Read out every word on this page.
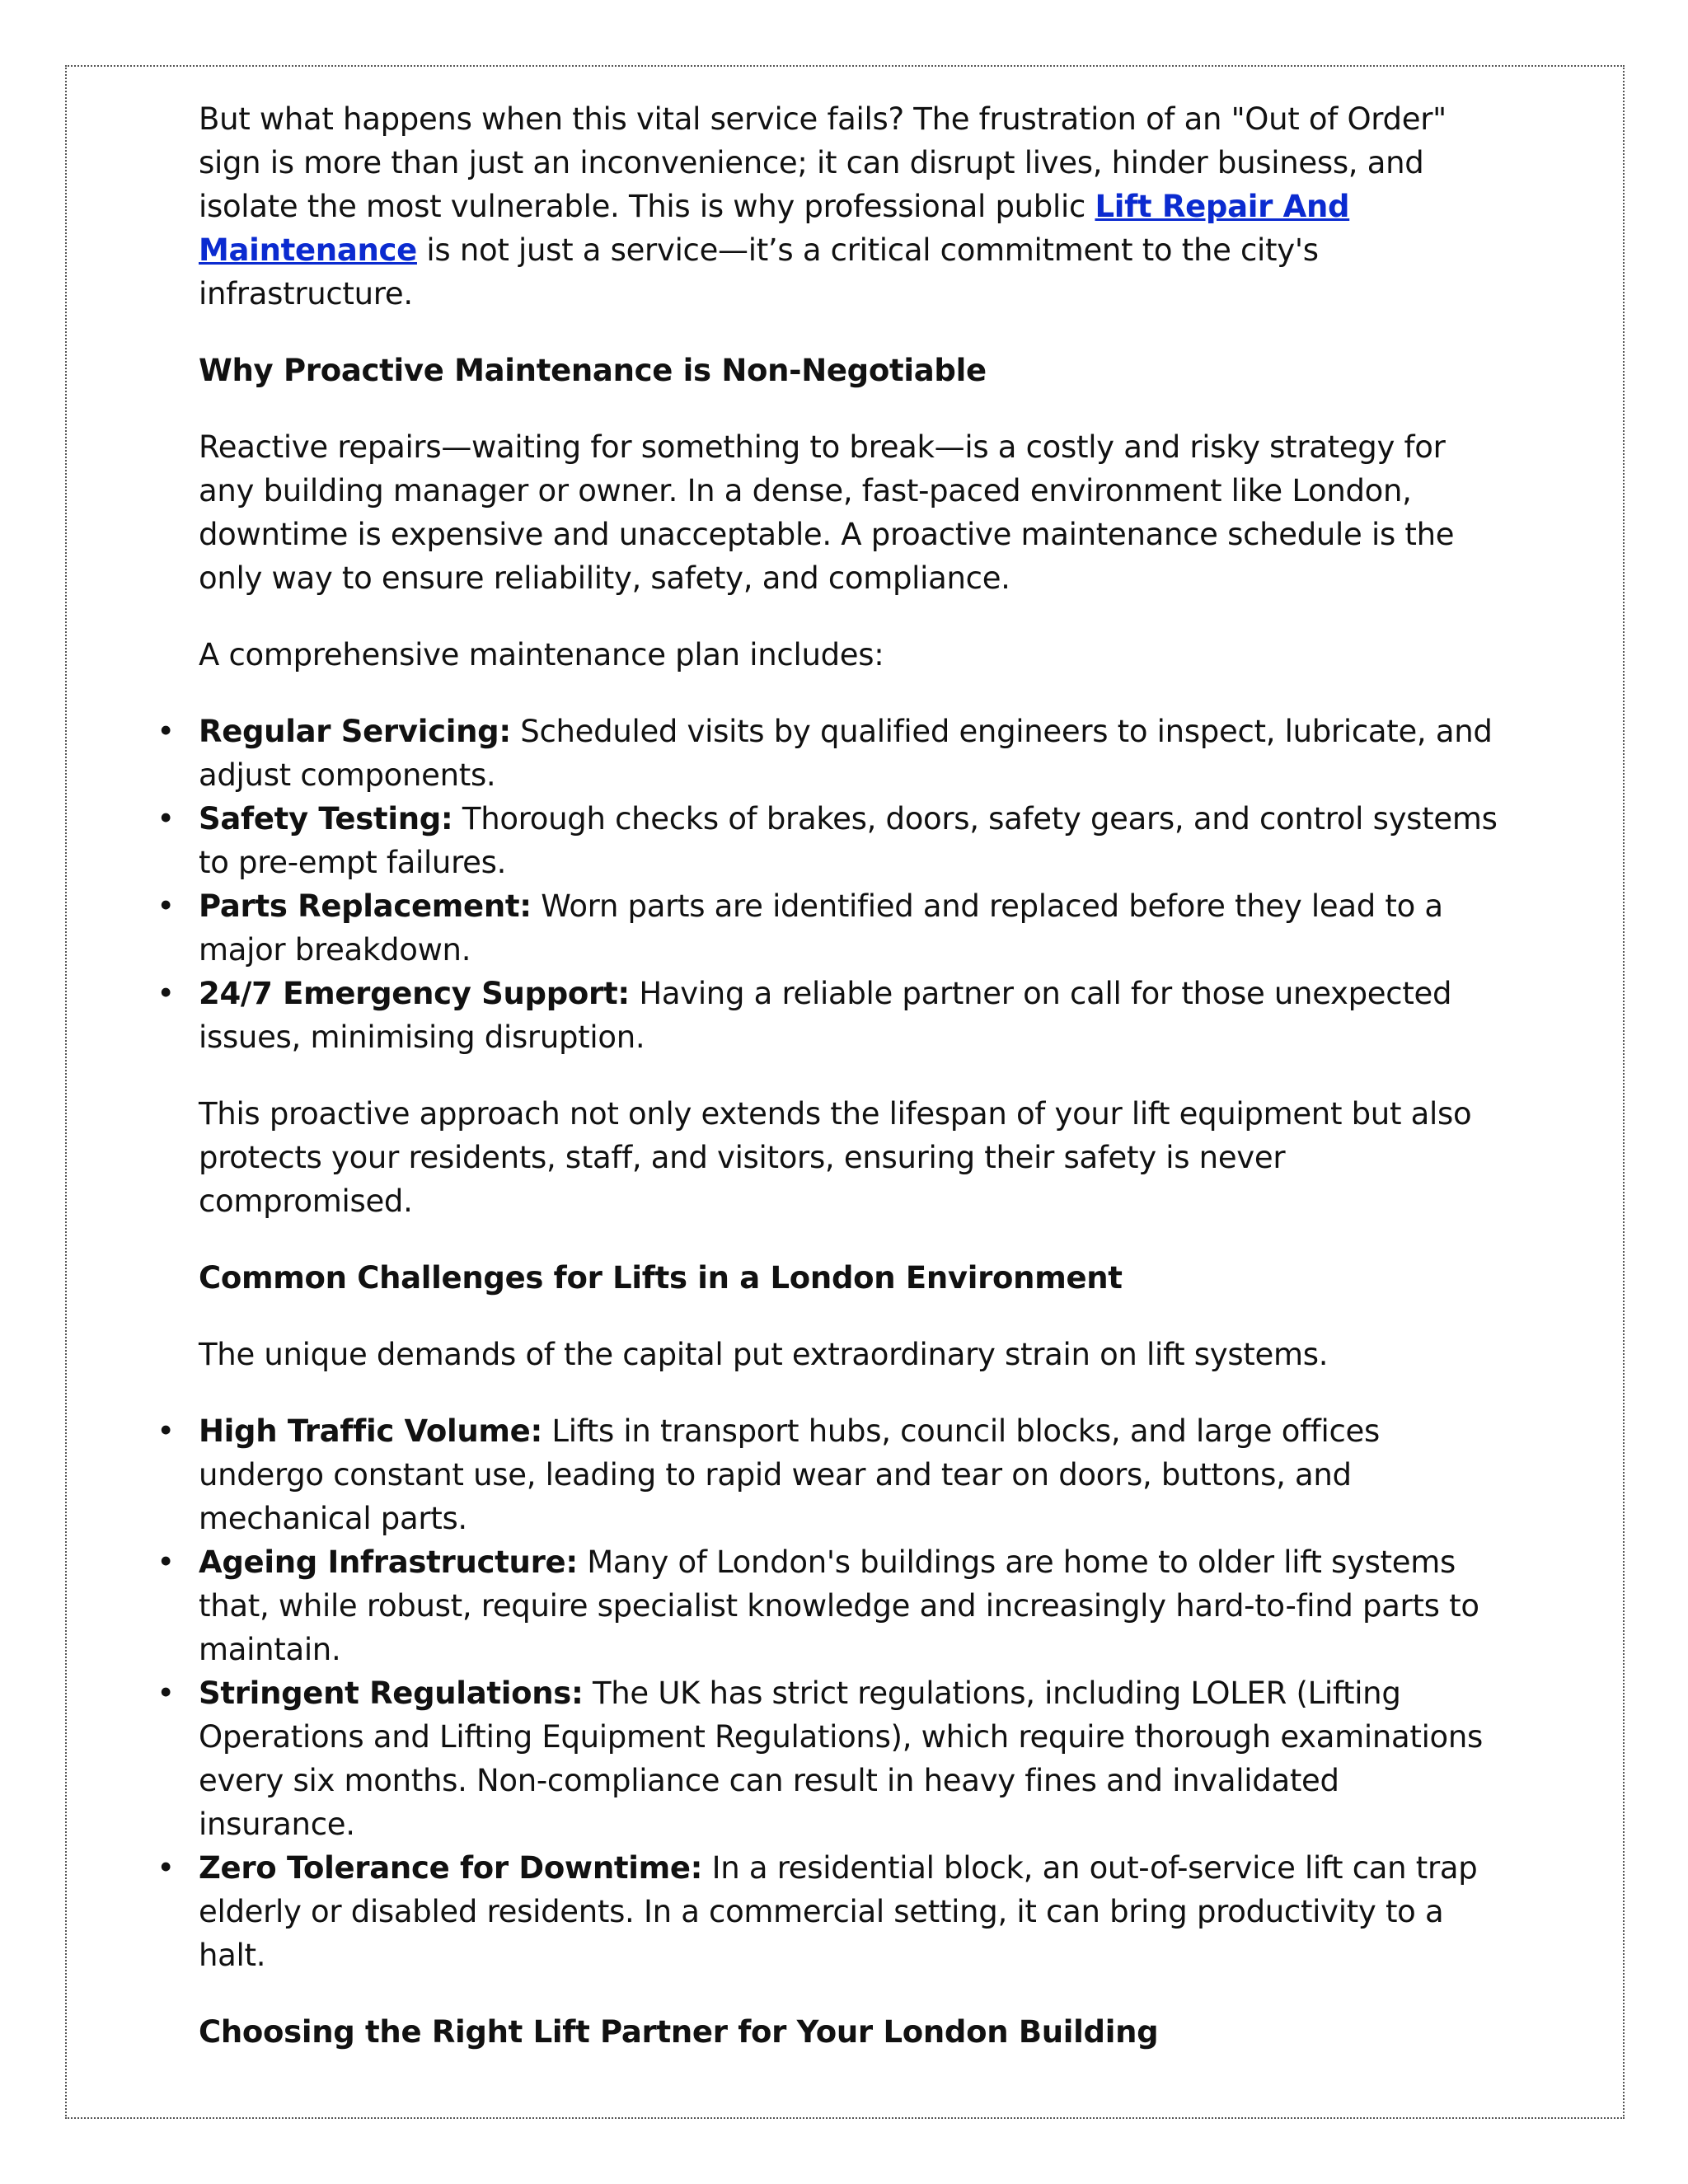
But what happens when this vital service fails? The frustration of an "Out of Order" sign is more than just an inconvenience; it can disrupt lives, hinder business, and isolate the most vulnerable. This is why professional public Lift Repair And Maintenance is not just a service—it’s a critical commitment to the city's infrastructure.

Why Proactive Maintenance is Non-Negotiable

Reactive repairs—waiting for something to break—is a costly and risky strategy for any building manager or owner. In a dense, fast-paced environment like London, downtime is expensive and unacceptable. A proactive maintenance schedule is the only way to ensure reliability, safety, and compliance.

A comprehensive maintenance plan includes:

• Regular Servicing: Scheduled visits by qualified engineers to inspect, lubricate, and adjust components.
• Safety Testing: Thorough checks of brakes, doors, safety gears, and control systems to pre-empt failures.
• Parts Replacement: Worn parts are identified and replaced before they lead to a major breakdown.
• 24/7 Emergency Support: Having a reliable partner on call for those unexpected issues, minimising disruption.

This proactive approach not only extends the lifespan of your lift equipment but also protects your residents, staff, and visitors, ensuring their safety is never compromised.

Common Challenges for Lifts in a London Environment

The unique demands of the capital put extraordinary strain on lift systems.

• High Traffic Volume: Lifts in transport hubs, council blocks, and large offices undergo constant use, leading to rapid wear and tear on doors, buttons, and mechanical parts.
• Ageing Infrastructure: Many of London's buildings are home to older lift systems that, while robust, require specialist knowledge and increasingly hard-to-find parts to maintain.
• Stringent Regulations: The UK has strict regulations, including LOLER (Lifting Operations and Lifting Equipment Regulations), which require thorough examinations every six months. Non-compliance can result in heavy fines and invalidated insurance.
• Zero Tolerance for Downtime: In a residential block, an out-of-service lift can trap elderly or disabled residents. In a commercial setting, it can bring productivity to a halt.

Choosing the Right Lift Partner for Your London Building
